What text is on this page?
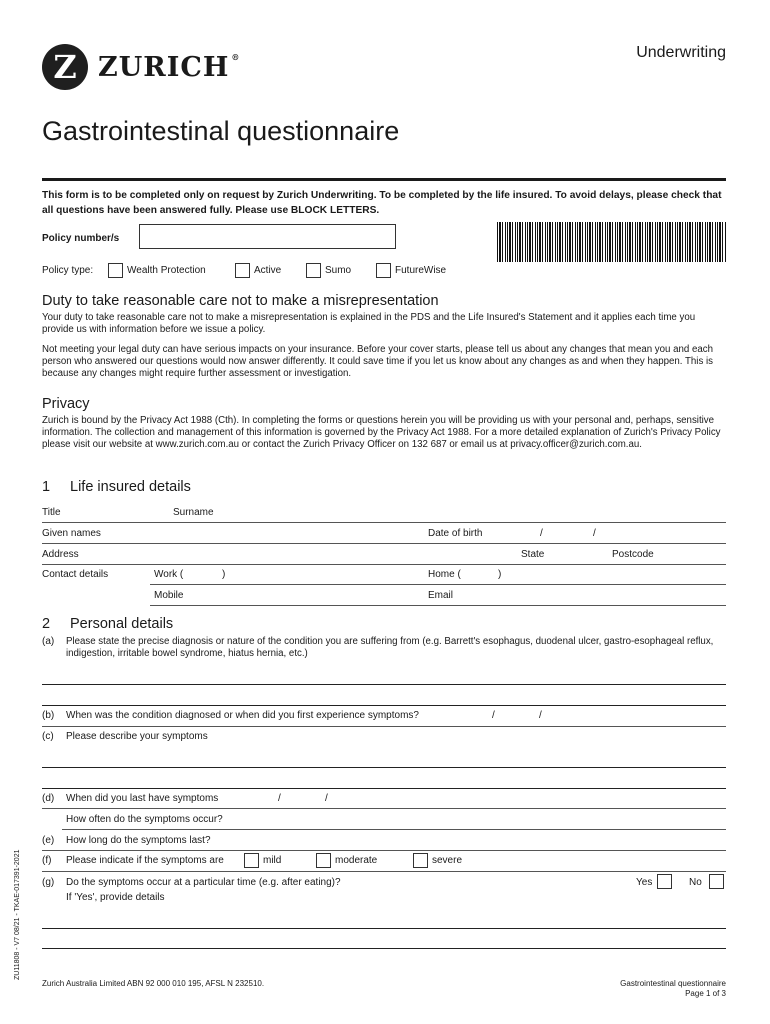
Z ZURICH ®	Underwriting
Gastrointestinal questionnaire
This form is to be completed only on request by Zurich Underwriting. To be completed by the life insured. To avoid delays, please check that all questions have been answered fully. Please use BLOCK LETTERS.
Policy number/s
Policy type:	Wealth Protection	Active	Sumo	FutureWise
Duty to take reasonable care not to make a misrepresentation
Your duty to take reasonable care not to make a misrepresentation is explained in the PDS and the Life Insured's Statement and it applies each time you provide us with information before we issue a policy.
Not meeting your legal duty can have serious impacts on your insurance. Before your cover starts, please tell us about any changes that mean you and each person who answered our questions would now answer differently. It could save time if you let us know about any changes as and when they happen. This is because any changes might require further assessment or investigation.
Privacy
Zurich is bound by the Privacy Act 1988 (Cth). In completing the forms or questions herein you will be providing us with your personal and, perhaps, sensitive information. The collection and management of this information is governed by the Privacy Act 1988. For a more detailed explanation of Zurich's Privacy Policy please visit our website at www.zurich.com.au or contact the Zurich Privacy Officer on 132 687 or email us at privacy.officer@zurich.com.au.
1 Life insured details
Title	Surname
Given names	Date of birth	/	/
Address	State	Postcode
Contact details	Work (	)	Home (	)
Mobile	Email
2 Personal details
(a) Please state the precise diagnosis or nature of the condition you are suffering from (e.g. Barrett's esophagus, duodenal ulcer, gastro-esophageal reflux, indigestion, irritable bowel syndrome, hiatus hernia, etc.)
(b) When was the condition diagnosed or when did you first experience symptoms?	/	/
(c) Please describe your symptoms
(d) When did you last have symptoms	/	/
How often do the symptoms occur?
(e) How long do the symptoms last?
(f) Please indicate if the symptoms are	mild	moderate	severe
(g) Do the symptoms occur at a particular time (e.g. after eating)?	Yes	No
If 'Yes', provide details
ZU11808 - V7 08/21 - TKAE-017391-2021
Zurich Australia Limited ABN 92 000 010 195, AFSL N 232510.	Gastrointestinal questionnaire
Page 1 of 3
